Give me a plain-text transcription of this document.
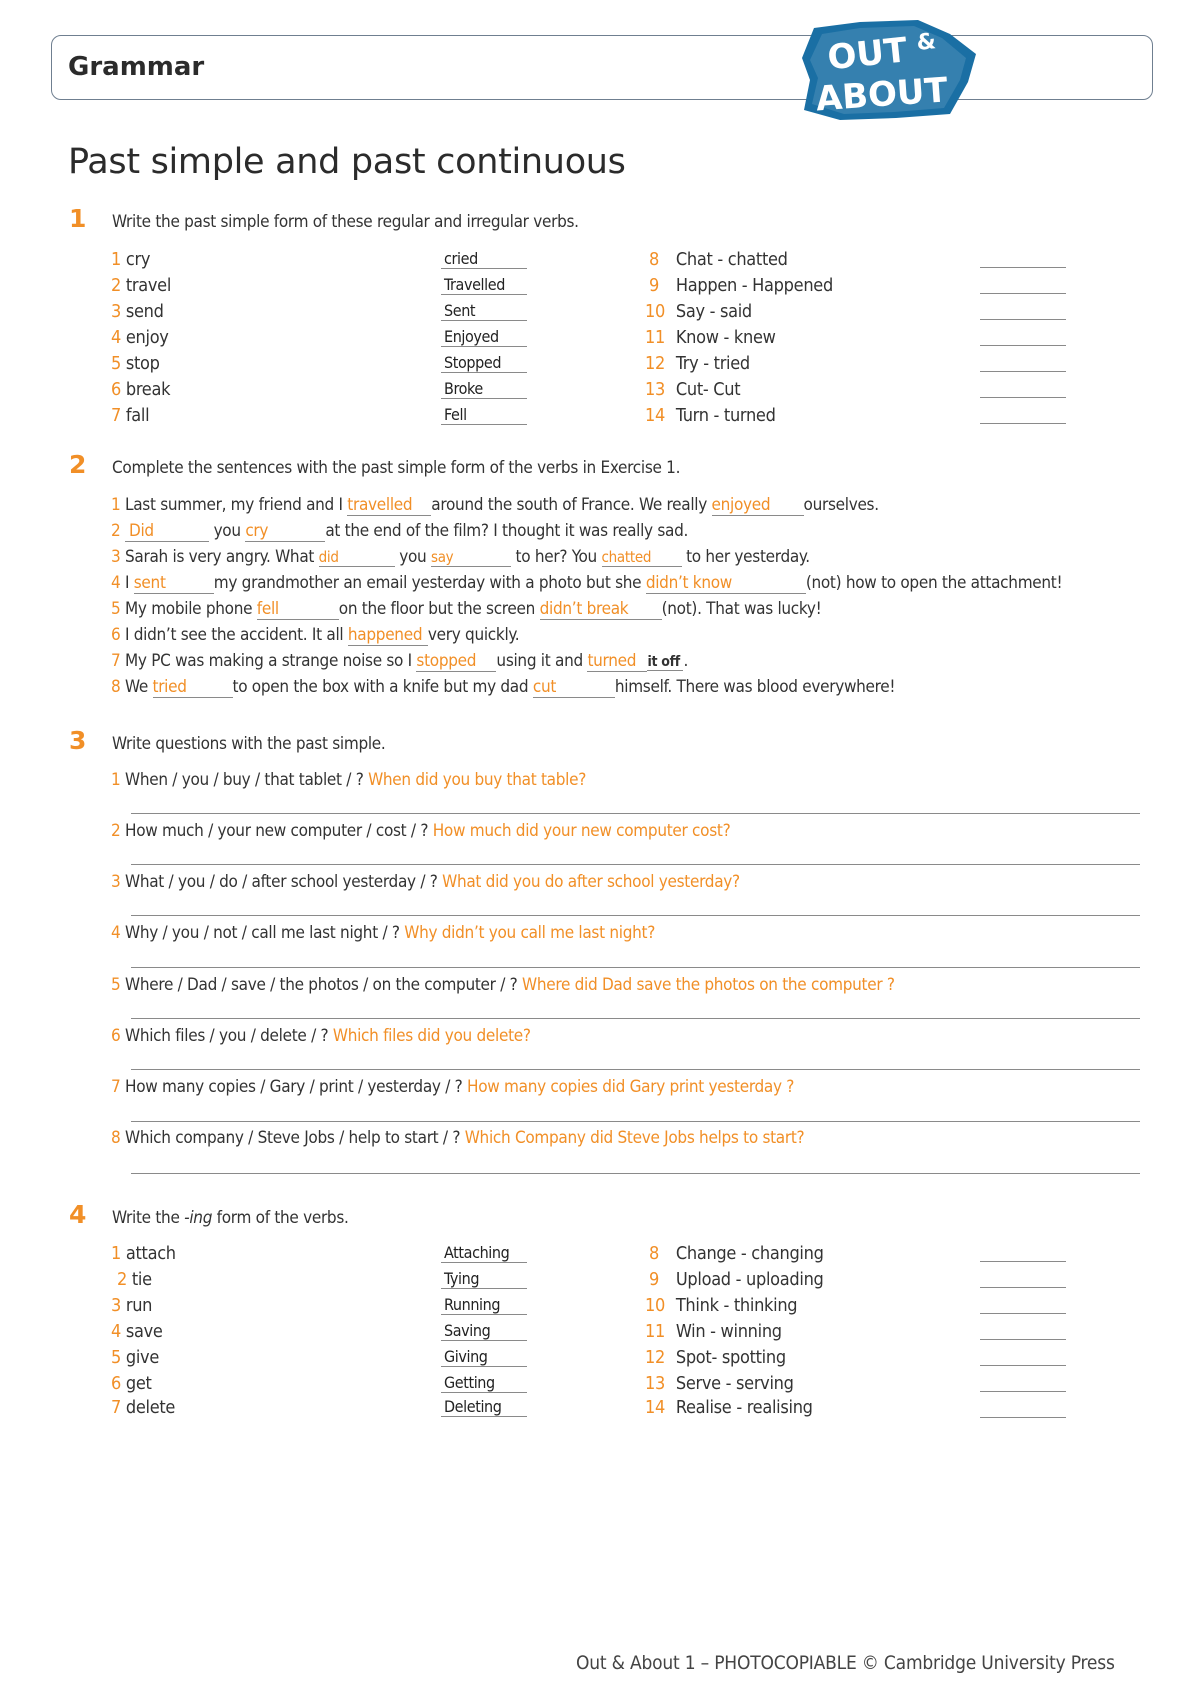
Grammar	OUT &
ABOUT
Past simple and past continuous
1 Write the past simple form of these regular and irregular verbs.
1 cry	cried
2 travel	Travelled
3 send	Sent
4 enjoy	Enjoyed
5 stop	Stopped
6 break	Broke
7 fall	Fell
8 Chat - chatted
9 Happen - Happened
10 Say - said
11 Know - knew
12 Try - tried
13 Cut- Cut
14 Turn - turned
2 Complete the sentences with the past simple form of the verbs in Exercise 1.
1 Last summer, my friend and I travelled around the south of France. We really enjoyed ourselves.
2 Did	you cry	at the end of the film? I thought it was really sad.
3 Sarah is very angry. What did	you say	to her? You chatted to her yesterday.
4 I sent	my grandmother an email yesterday with a photo but she didn’t know	(not) how to open the attachment!
5 My mobile phone fell	on the floor but the screen didn’t break (not). That was lucky!
6 I didn’t see the accident. It all happened very quickly.
7 My PC was making a strange noise so I stopped using it and turned it off .
8 We tried	to open the box with a knife but my dad cut	himself. There was blood everywhere!
3 Write questions with the past simple.
1 When / you / buy / that tablet / ? When did you buy that table?
2 How much / your new computer / cost / ? How much did your new computer cost?
3 What / you / do / after school yesterday / ? What did you do after school yesterday?
4 Why / you / not / call me last night / ? Why didn’t you call me last night?
5 Where / Dad / save / the photos / on the computer / ? Where did Dad save the photos on the computer ?
6 Which files / you / delete / ? Which files did you delete?
7 How many copies / Gary / print / yesterday / ? How many copies did Gary print yesterday ?
8 Which company / Steve Jobs / help to start / ? Which Company did Steve Jobs helps to start?
4 Write the -ing form of the verbs.
1 attach	Attaching
2 tie	Tying
3 run	Running
4 save	Saving
5 give	Giving
6 get	Getting
7 delete	Deleting
8 Change - changing
9 Upload - uploading
10 Think - thinking
11 Win - winning
12 Spot- spotting
13 Serve - serving
14 Realise - realising
Out & About 1 – PHOTOCOPIABLE © Cambridge University Press
